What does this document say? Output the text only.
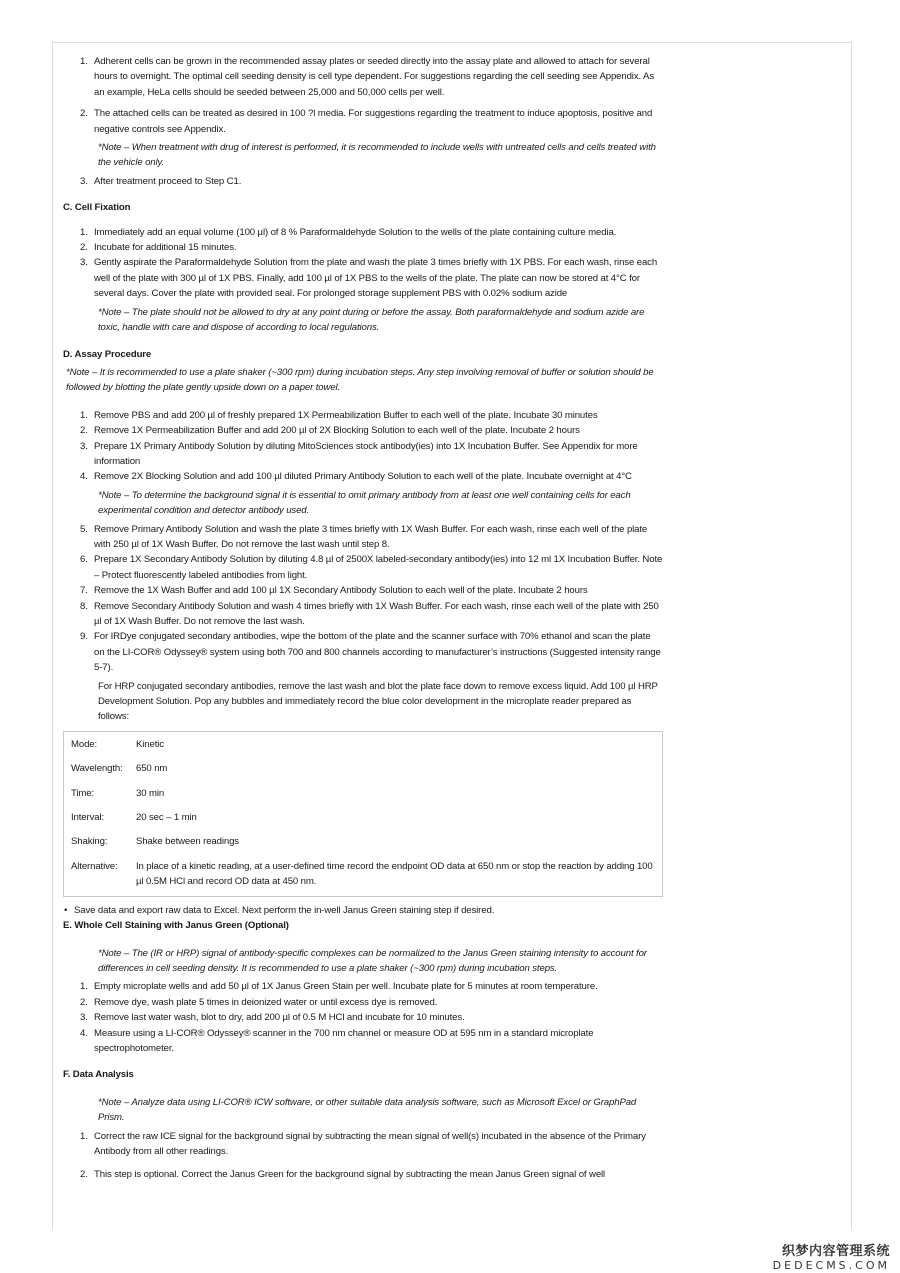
1. Adherent cells can be grown in the recommended assay plates or seeded directly into the assay plate and allowed to attach for several hours to overnight. The optimal cell seeding density is cell type dependent. For suggestions regarding the cell seeding see Appendix. As an example, HeLa cells should be seeded between 25,000 and 50,000 cells per well.
2. The attached cells can be treated as desired in 100 ?l media. For suggestions regarding the treatment to induce apoptosis, positive and negative controls see Appendix.
*Note – When treatment with drug of interest is performed, it is recommended to include wells with untreated cells and cells treated with the vehicle only.
3. After treatment proceed to Step C1.
C. Cell Fixation
1. Immediately add an equal volume (100 µl) of 8 % Paraformaldehyde Solution to the wells of the plate containing culture media.
2. Incubate for additional 15 minutes.
3. Gently aspirate the Paraformaldehyde Solution from the plate and wash the plate 3 times briefly with 1X PBS. For each wash, rinse each well of the plate with 300 µl of 1X PBS. Finally, add 100 µl of 1X PBS to the wells of the plate. The plate can now be stored at 4°C for several days. Cover the plate with provided seal. For prolonged storage supplement PBS with 0.02% sodium azide
*Note – The plate should not be allowed to dry at any point during or before the assay. Both paraformaldehyde and sodium azide are toxic, handle with care and dispose of according to local regulations.
D. Assay Procedure
*Note – It is recommended to use a plate shaker (~300 rpm) during incubation steps. Any step involving removal of buffer or solution should be followed by blotting the plate gently upside down on a paper towel.
1. Remove PBS and add 200 µl of freshly prepared 1X Permeabilization Buffer to each well of the plate. Incubate 30 minutes
2. Remove 1X Permeabilization Buffer and add 200 µl of 2X Blocking Solution to each well of the plate. Incubate 2 hours
3. Prepare 1X Primary Antibody Solution by diluting MitoSciences stock antibody(ies) into 1X Incubation Buffer. See Appendix for more information
4. Remove 2X Blocking Solution and add 100 µl diluted Primary Antibody Solution to each well of the plate. Incubate overnight at 4°C
*Note – To determine the background signal it is essential to omit primary antibody from at least one well containing cells for each experimental condition and detector antibody used.
5. Remove Primary Antibody Solution and wash the plate 3 times briefly with 1X Wash Buffer. For each wash, rinse each well of the plate with 250 µl of 1X Wash Buffer. Do not remove the last wash until step 8.
6. Prepare 1X Secondary Antibody Solution by diluting 4.8 µl of 2500X labeled-secondary antibody(ies) into 12 ml 1X Incubation Buffer. Note – Protect fluorescently labeled antibodies from light.
7. Remove the 1X Wash Buffer and add 100 µl 1X Secondary Antibody Solution to each well of the plate. Incubate 2 hours
8. Remove Secondary Antibody Solution and wash 4 times briefly with 1X Wash Buffer. For each wash, rinse each well of the plate with 250 µl of 1X Wash Buffer. Do not remove the last wash.
9. For IRDye conjugated secondary antibodies, wipe the bottom of the plate and the scanner surface with 70% ethanol and scan the plate on the LI-COR® Odyssey® system using both 700 and 800 channels according to manufacturer’s instructions (Suggested intensity range 5-7).
For HRP conjugated secondary antibodies, remove the last wash and blot the plate face down to remove excess liquid. Add 100 µl HRP Development Solution. Pop any bubbles and immediately record the blue color development in the microplate reader prepared as follows:
Mode:	Kinetic
Wavelength:	650 nm
Time:	30 min
Interval:	20 sec – 1 min
Shaking:	Shake between readings
Alternative:	In place of a kinetic reading, at a user-defined time record the endpoint OD data at 650 nm or stop the reaction by adding 100 µl 0.5M HCl and record OD data at 450 nm.
• Save data and export raw data to Excel. Next perform the in-well Janus Green staining step if desired.
E. Whole Cell Staining with Janus Green (Optional)
*Note – The (IR or HRP) signal of antibody-specific complexes can be normalized to the Janus Green staining intensity to account for differences in cell seeding density. It is recommended to use a plate shaker (~300 rpm) during incubation steps.
1. Empty microplate wells and add 50 µl of 1X Janus Green Stain per well. Incubate plate for 5 minutes at room temperature.
2. Remove dye, wash plate 5 times in deionized water or until excess dye is removed.
3. Remove last water wash, blot to dry, add 200 µl of 0.5 M HCl and incubate for 10 minutes.
4. Measure using a LI-COR® Odyssey® scanner in the 700 nm channel or measure OD at 595 nm in a standard microplate spectrophotometer.
F. Data Analysis
*Note – Analyze data using LI-COR® ICW software, or other suitable data analysis software, such as Microsoft Excel or GraphPad Prism.
1. Correct the raw ICE signal for the background signal by subtracting the mean signal of well(s) incubated in the absence of the Primary Antibody from all other readings.
2. This step is optional. Correct the Janus Green for the background signal by subtracting the mean Janus Green signal of well
织梦内容管理系统
DEDECMS.COM
